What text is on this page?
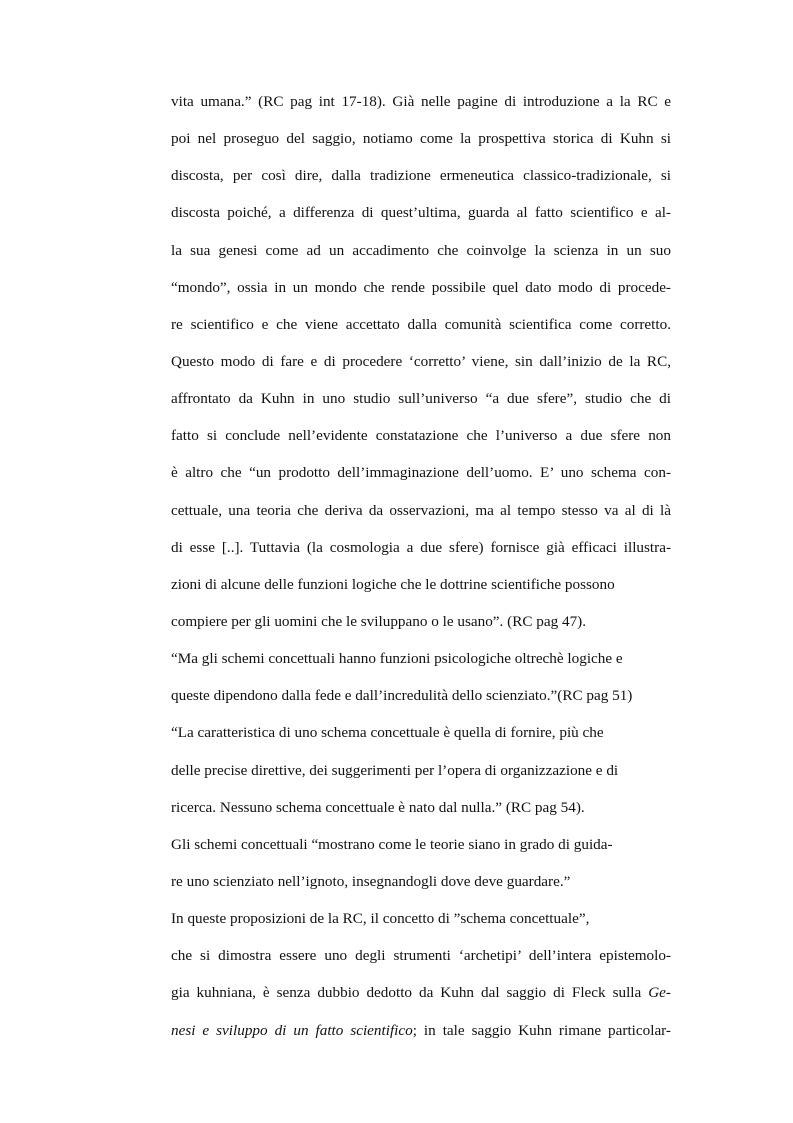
vita umana.” (RC pag int 17-18). Già nelle pagine di introduzione a la RC e
poi nel proseguo del saggio, notiamo come la prospettiva storica di Kuhn si
discosta, per così dire, dalla tradizione ermeneutica classico-tradizionale, si
discosta poiché, a differenza di quest’ultima, guarda al fatto scientifico e al-
la sua genesi come ad un accadimento che coinvolge la scienza in un suo
“mondo”, ossia in un mondo che rende possibile quel dato modo di procede-
re scientifico e che viene accettato dalla comunità scientifica come corretto.
Questo modo di fare e di procedere ‘corretto’ viene, sin dall’inizio de la RC,
affrontato da Kuhn in uno studio sull’universo “a due sfere”, studio che di
fatto si conclude nell’evidente constatazione che l’universo a due sfere non
è altro che “un prodotto dell’immaginazione dell’uomo. E’ uno schema con-
cettuale, una teoria che deriva da osservazioni, ma al tempo stesso va al di là
di esse [..]. Tuttavia (la cosmologia a due sfere) fornisce già efficaci illustra-
zioni di alcune delle funzioni logiche che le dottrine scientifiche possono
compiere per gli uomini che le sviluppano o le usano”. (RC pag 47).
“Ma gli schemi concettuali hanno funzioni psicologiche oltrechè logiche e
queste dipendono dalla fede e dall’incredulità dello scienziato.”(RC pag 51)
“La caratteristica di uno schema concettuale è quella di fornire, più che
delle precise direttive, dei suggerimenti per l’opera di organizzazione e di
ricerca. Nessuno schema concettuale è nato dal nulla.” (RC pag 54).
Gli schemi concettuali “mostrano come le teorie siano in grado di guida-
re uno scienziato nell’ignoto, insegnandogli dove deve guardare.”
In queste proposizioni de la RC, il concetto di ”schema concettuale”,
che si dimostra essere uno degli strumenti ‘archetipi’ dell’intera epistemolo-
gia kuhniana, è senza dubbio dedotto da Kuhn dal saggio di Fleck sulla Ge-
nesi e sviluppo di un fatto scientifico; in tale saggio Kuhn rimane particolar-
